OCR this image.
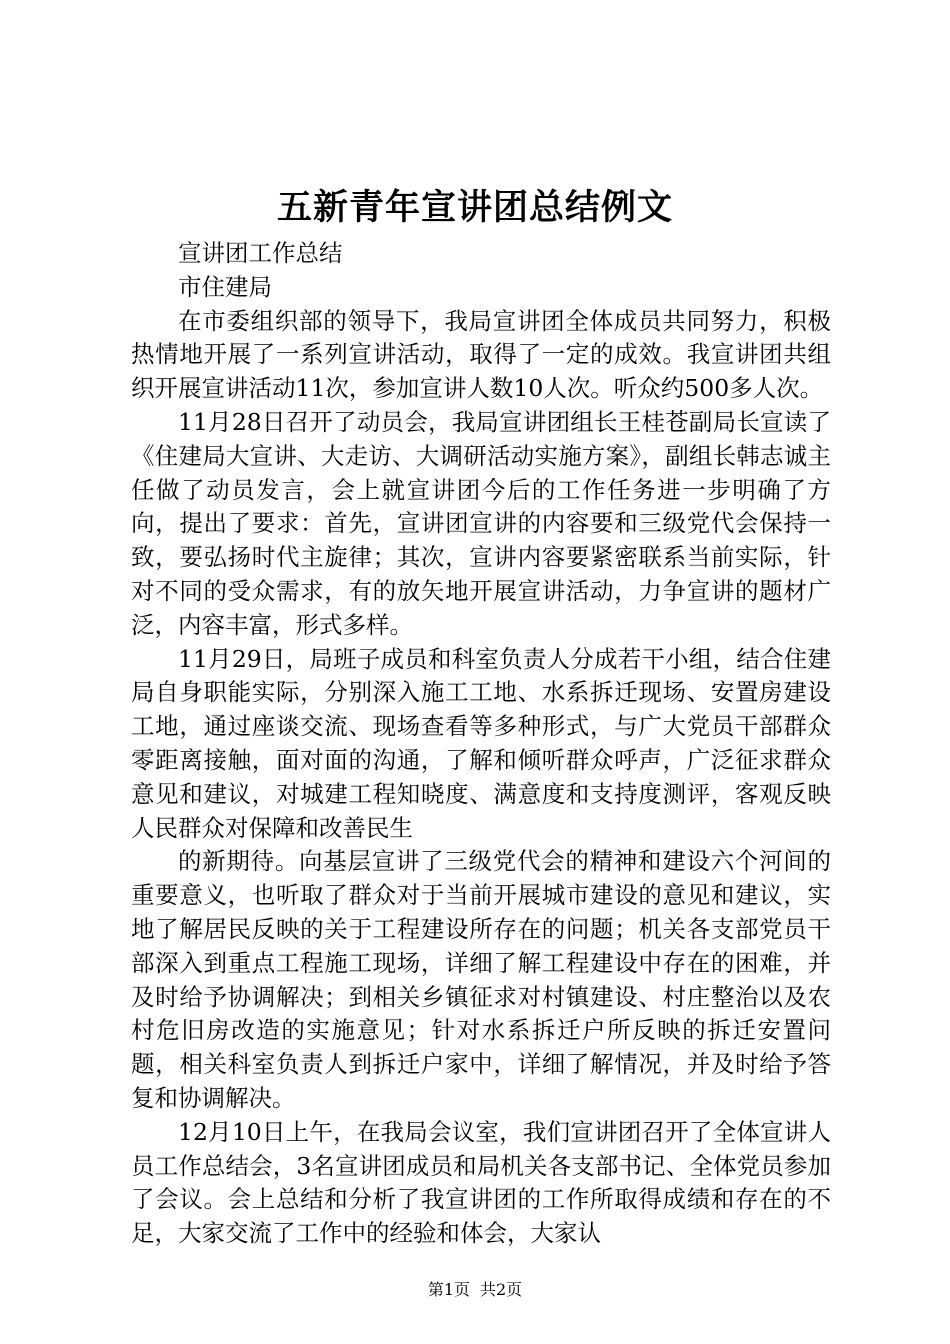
五新青年宣讲团总结例文

宣讲团工作总结

市住建局

在市委组织部的领导下，我局宣讲团全体成员共同努力，积极热情地开展了一系列宣讲活动，取得了一定的成效。我宣讲团共组织开展宣讲活动11次，参加宣讲人数10人次。听众约500多人次。

11月28日召开了动员会，我局宣讲团组长王桂苍副局长宣读了《住建局大宣讲、大走访、大调研活动实施方案》，副组长韩志诚主任做了动员发言，会上就宣讲团今后的工作任务进一步明确了方向，提出了要求：首先，宣讲团宣讲的内容要和三级党代会保持一致，要弘扬时代主旋律；其次，宣讲内容要紧密联系当前实际，针对不同的受众需求，有的放矢地开展宣讲活动，力争宣讲的题材广泛，内容丰富，形式多样。

11月29日，局班子成员和科室负责人分成若干小组，结合住建局自身职能实际，分别深入施工工地、水系拆迁现场、安置房建设工地，通过座谈交流、现场查看等多种形式，与广大党员干部群众零距离接触，面对面的沟通，了解和倾听群众呼声，广泛征求群众意见和建议，对城建工程知晓度、满意度和支持度测评，客观反映人民群众对保障和改善民生

的新期待。向基层宣讲了三级党代会的精神和建设六个河间的重要意义，也听取了群众对于当前开展城市建设的意见和建议，实地了解居民反映的关于工程建设所存在的问题；机关各支部党员干部深入到重点工程施工现场，详细了解工程建设中存在的困难，并及时给予协调解决；到相关乡镇征求对村镇建设、村庄整治以及农村危旧房改造的实施意见；针对水系拆迁户所反映的拆迁安置问题，相关科室负责人到拆迁户家中，详细了解情况，并及时给予答复和协调解决。

12月10日上午，在我局会议室，我们宣讲团召开了全体宣讲人员工作总结会，3名宣讲团成员和局机关各支部书记、全体党员参加了会议。会上总结和分析了我宣讲团的工作所取得成绩和存在的不足，大家交流了工作中的经验和体会，大家认

第1页 共2页
